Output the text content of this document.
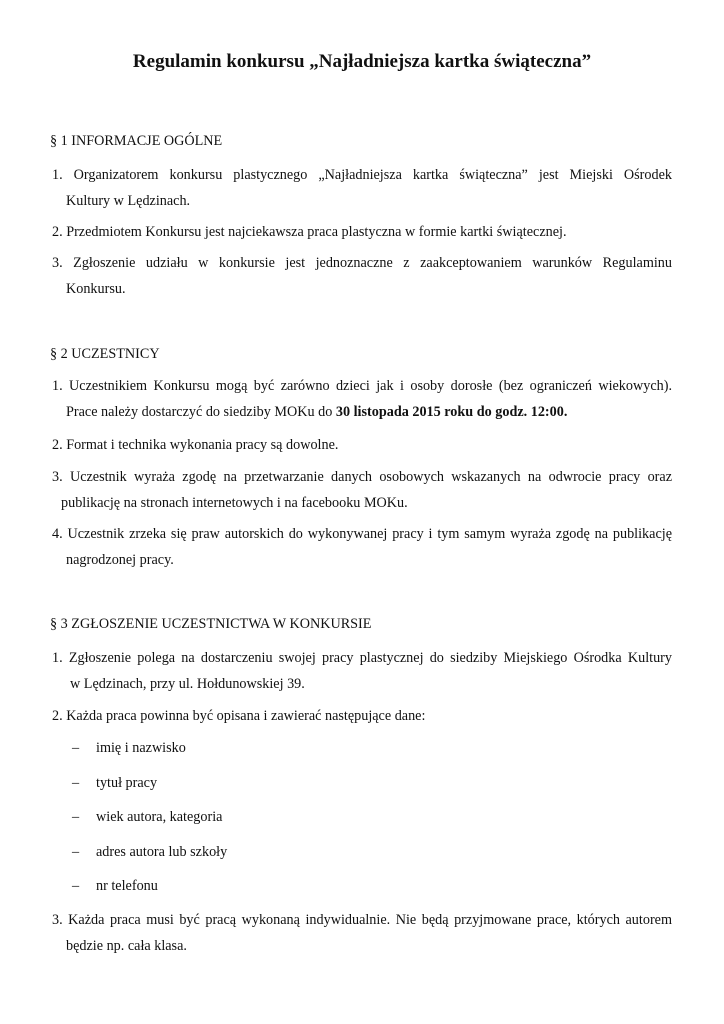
Regulamin konkursu „Najładniejsza kartka świąteczna”
§ 1 INFORMACJE OGÓLNE
1. Organizatorem konkursu plastycznego „Najładniejsza kartka świąteczna” jest Miejski Ośrodek
Kultury w Lędzinach.
2. Przedmiotem Konkursu jest najciekawsza praca plastyczna w formie kartki świątecznej.
3. Zgłoszenie udziału w konkursie jest jednoznaczne z zaakceptowaniem warunków Regulaminu
Konkursu.
§ 2 UCZESTNICY
1. Uczestnikiem Konkursu mogą być zarówno dzieci jak i osoby dorosłe (bez ograniczeń wiekowych).
Prace należy dostarczyć do siedziby MOKu do 30 listopada 2015 roku do godz. 12:00.
2. Format i technika wykonania pracy są dowolne.
3. Uczestnik wyraża zgodę na przetwarzanie danych osobowych wskazanych na odwrocie pracy oraz
publikację na stronach internetowych i na facebooku MOKu.
4. Uczestnik zrzeka się praw autorskich do wykonywanej pracy i tym samym wyraża zgodę na publikację
nagrodzonej pracy.
§ 3 ZGŁOSZENIE UCZESTNICTWA W KONKURSIE
1. Zgłoszenie polega na dostarczeniu swojej pracy plastycznej do siedziby Miejskiego Ośrodka Kultury
w Lędzinach, przy ul. Hołdunowskiej 39.
2. Każda praca powinna być opisana i zawierać następujące dane:
– imię i nazwisko
– tytuł pracy
– wiek autora, kategoria
– adres autora lub szkoły
– nr telefonu
3. Każda praca musi być pracą wykonaną indywidualnie. Nie będą przyjmowane prace, których autorem
będzie np. cała klasa.
